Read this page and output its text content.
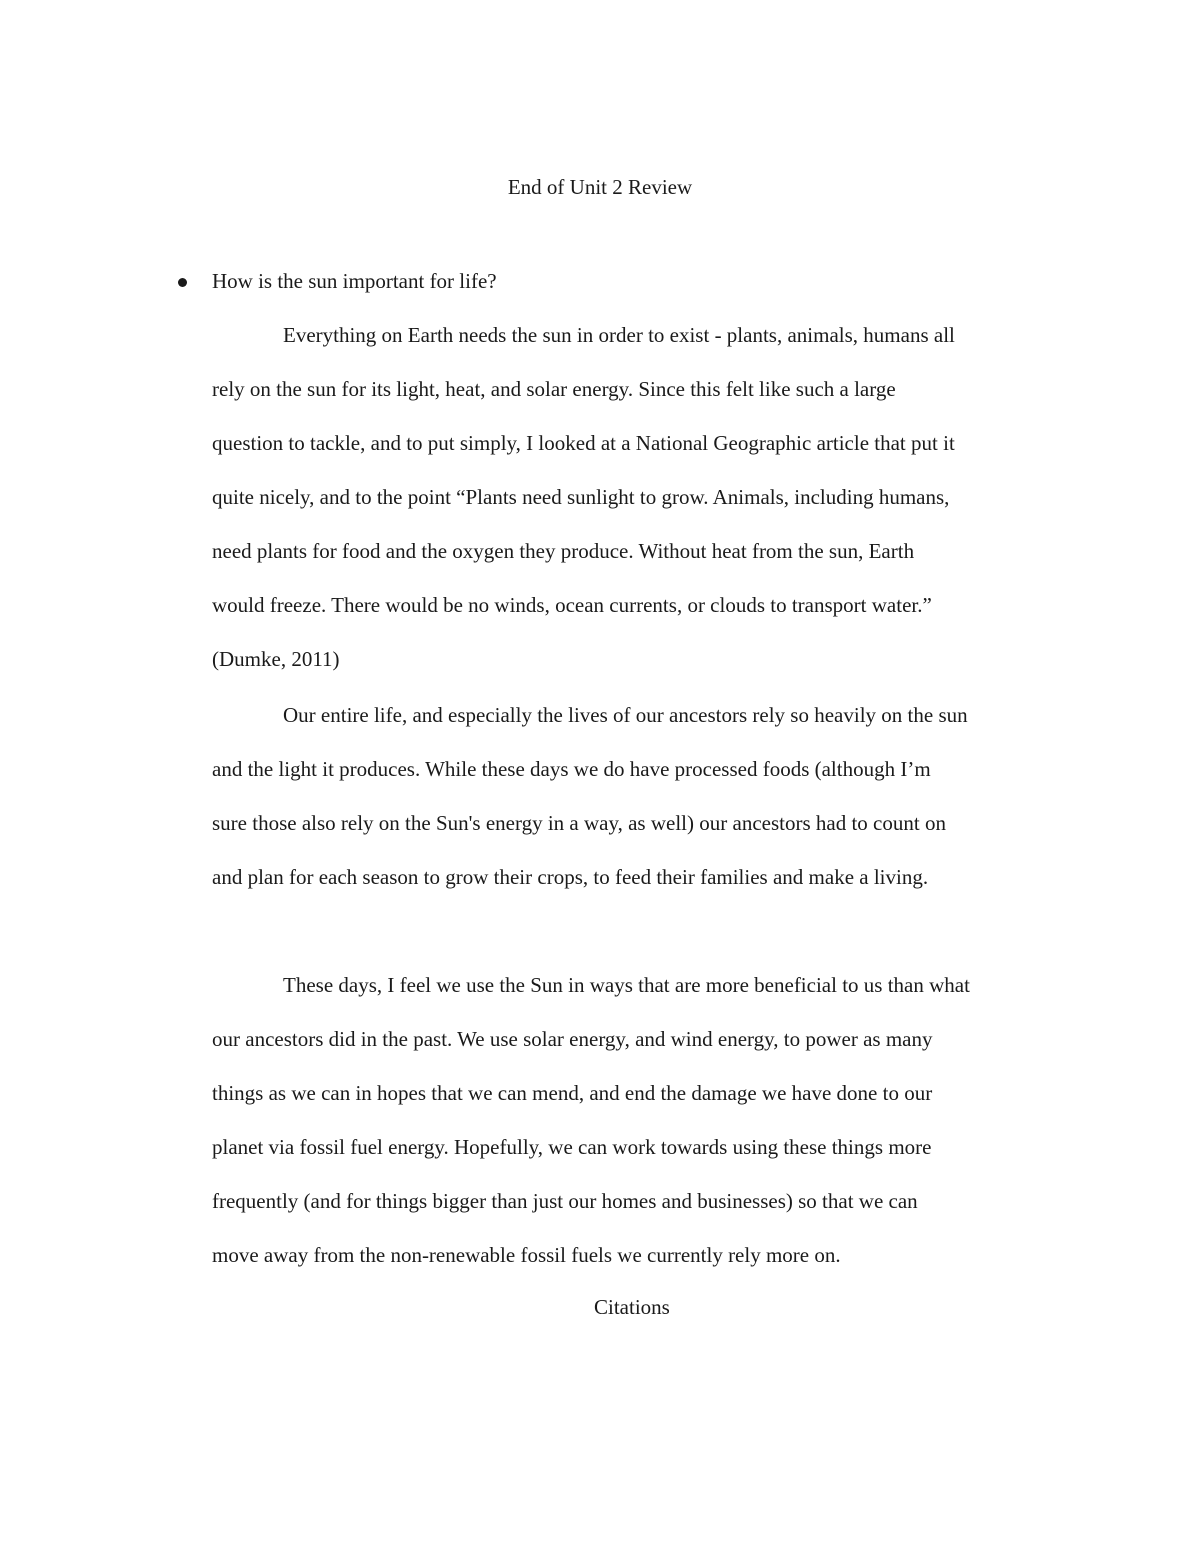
End of Unit 2 Review
How is the sun important for life?
Everything on Earth needs the sun in order to exist - plants, animals, humans all
rely on the sun for its light, heat, and solar energy. Since this felt like such a large
question to tackle, and to put simply, I looked at a National Geographic article that put it
quite nicely, and to the point “Plants need sunlight to grow. Animals, including humans,
need plants for food and the oxygen they produce. Without heat from the sun, Earth
would freeze. There would be no winds, ocean currents, or clouds to transport water.”
(Dumke, 2011)
Our entire life, and especially the lives of our ancestors rely so heavily on the sun
and the light it produces. While these days we do have processed foods (although I’m
sure those also rely on the Sun's energy in a way, as well) our ancestors had to count on
and plan for each season to grow their crops, to feed their families and make a living.
These days, I feel we use the Sun in ways that are more beneficial to us than what
our ancestors did in the past. We use solar energy, and wind energy, to power as many
things as we can in hopes that we can mend, and end the damage we have done to our
planet via fossil fuel energy. Hopefully, we can work towards using these things more
frequently (and for things bigger than just our homes and businesses) so that we can
move away from the non-renewable fossil fuels we currently rely more on.
Citations
